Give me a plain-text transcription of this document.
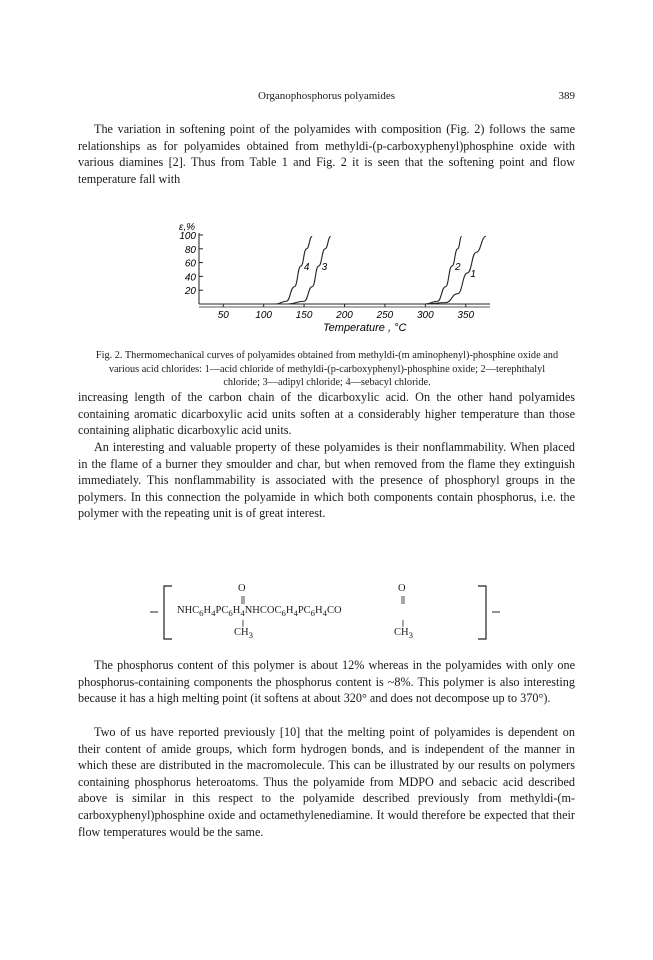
Organophosphorus polyamides	389

The variation in softening point of the polyamides with composition (Fig. 2) follows the same relationships as for polyamides obtained from methyldi-(p-carboxyphenyl)phosphine oxide with various diamines [2]. Thus from Table 1 and Fig. 2 it is seen that the softening point and flow temperature fall with

20
40
60
80
100
50	100 150 200 250 300 350
ε,%
Temperature , °C
1
2
3
4

Fig. 2. Thermomechanical curves of polyamides obtained from methyldi-(m aminophenyl)-phosphine oxide and various acid chlorides: 1—acid chloride of methyldi-(p-carboxyphenyl)-phosphine oxide; 2—terephthalyl chloride; 3—adipyl chloride; 4—sebacyl chloride.

increasing length of the carbon chain of the dicarboxylic acid. On the other hand polyamides containing aromatic dicarboxylic acid units soften at a considerably higher temperature than those containing aliphatic dicarboxylic acid units.

An interesting and valuable property of these polyamides is their nonflammability. When placed in the flame of a burner they smoulder and char, but when removed from the flame they extinguish immediately. This nonflammability is associated with the presence of phosphoryl groups in the polymers. In this connection the polyamide in which both components contain phosphorus, i.e. the polymer with the repeating unit is of great interest.

O	O
$NHC_6H_4PC_6H_4NHCOC_6H_4PC_6H_4CO$
$CH_3$	$CH_3$

The phosphorus content of this polymer is about 12% whereas in the polyamides with only one phosphorus-containing components the phosphorus content is ~8%. This polymer is also interesting because it has a high melting point (it softens at about 320° and does not decompose up to 370°).

Two of us have reported previously [10] that the melting point of polyamides is dependent on their content of amide groups, which form hydrogen bonds, and is independent of the manner in which these are distributed in the macromolecule. This can be illustrated by our results on polymers containing phosphorus heteroatoms. Thus the polyamide from MDPO and sebacic acid described above is similar in this respect to the polyamide described previously from methyldi-(m-carboxyphenyl)phosphine oxide and octamethylenediamine. It would therefore be expected that their flow temperatures would be the same.
